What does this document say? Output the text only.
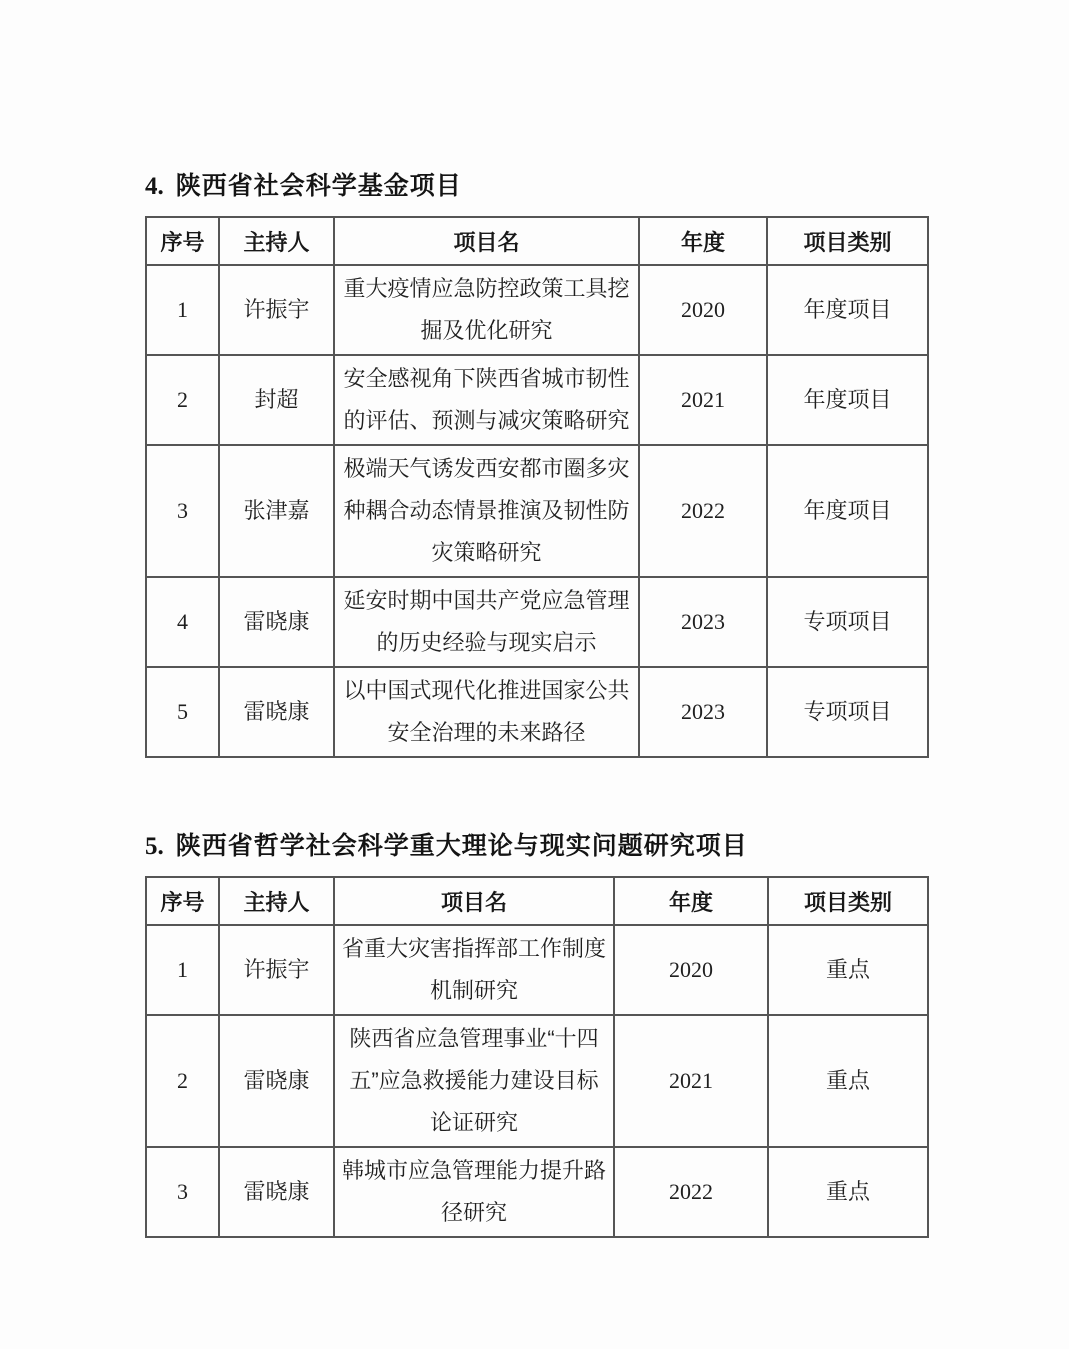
4. 陕西省社会科学基金项目
序号	主持人	项目名	年度	项目类别
1	许振宇	重大疫情应急防控政策工具挖掘及优化研究	2020	年度项目
2	封超	安全感视角下陕西省城市韧性的评估、预测与减灾策略研究	2021	年度项目
3	张津嘉	极端天气诱发西安都市圈多灾种耦合动态情景推演及韧性防灾策略研究	2022	年度项目
4	雷晓康	延安时期中国共产党应急管理的历史经验与现实启示	2023	专项项目
5	雷晓康	以中国式现代化推进国家公共安全治理的未来路径	2023	专项项目
5. 陕西省哲学社会科学重大理论与现实问题研究项目
序号	主持人	项目名	年度	项目类别
1	许振宇	省重大灾害指挥部工作制度机制研究	2020	重点
2	雷晓康	陕西省应急管理事业“十四五”应急救援能力建设目标论证研究	2021	重点
3	雷晓康	韩城市应急管理能力提升路径研究	2022	重点
